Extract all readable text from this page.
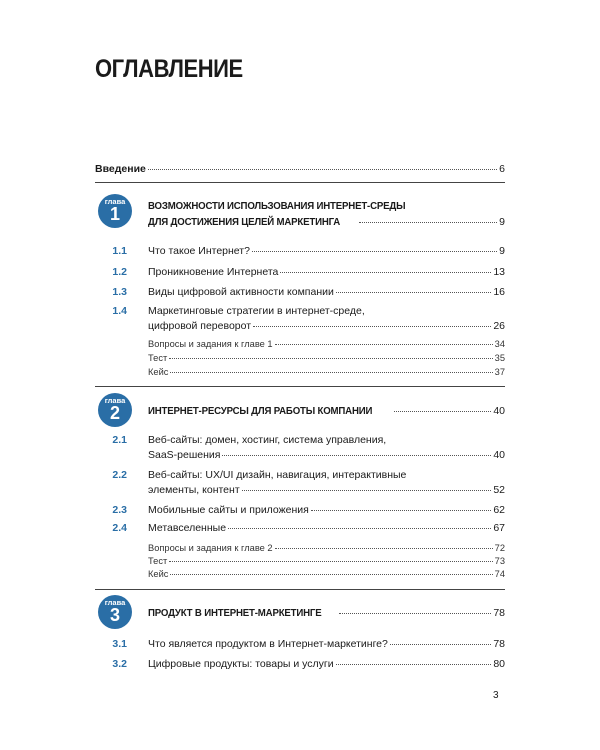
ОГЛАВЛЕНИЕ
Введение	6
глава
1	ВОЗМОЖНОСТИ ИСПОЛЬЗОВАНИЯ ИНТЕРНЕТ-СРЕДЫ
ДЛЯ ДОСТИЖЕНИЯ ЦЕЛЕЙ МАРКЕТИНГА	9
1.1 Что такое Интернет?	9
1.2 Проникновение Интернета	13
1.3 Виды цифровой активности компании	16
1.4 Маркетинговые стратегии в интернет-среде,
цифровой переворот	26
Вопросы и задания к главе 1	34
Тест	35
Кейс	37
глава
2	ИНТЕРНЕТ-РЕСУРСЫ ДЛЯ РАБОТЫ КОМПАНИИ	40
2.1 Веб-сайты: домен, хостинг, система управления,
SaaS-решения	40
2.2 Веб-сайты: UX/UI дизайн, навигация, интерактивные
элементы, контент	52
2.3 Мобильные сайты и приложения	62
2.4 Метавселенные	67
Вопросы и задания к главе 2	72
Тест	73
Кейс	74
глава
3	ПРОДУКТ В ИНТЕРНЕТ-МАРКЕТИНГЕ	78
3.1 Что является продуктом в Интернет-маркетинге?	78
3.2 Цифровые продукты: товары и услуги	80
3
